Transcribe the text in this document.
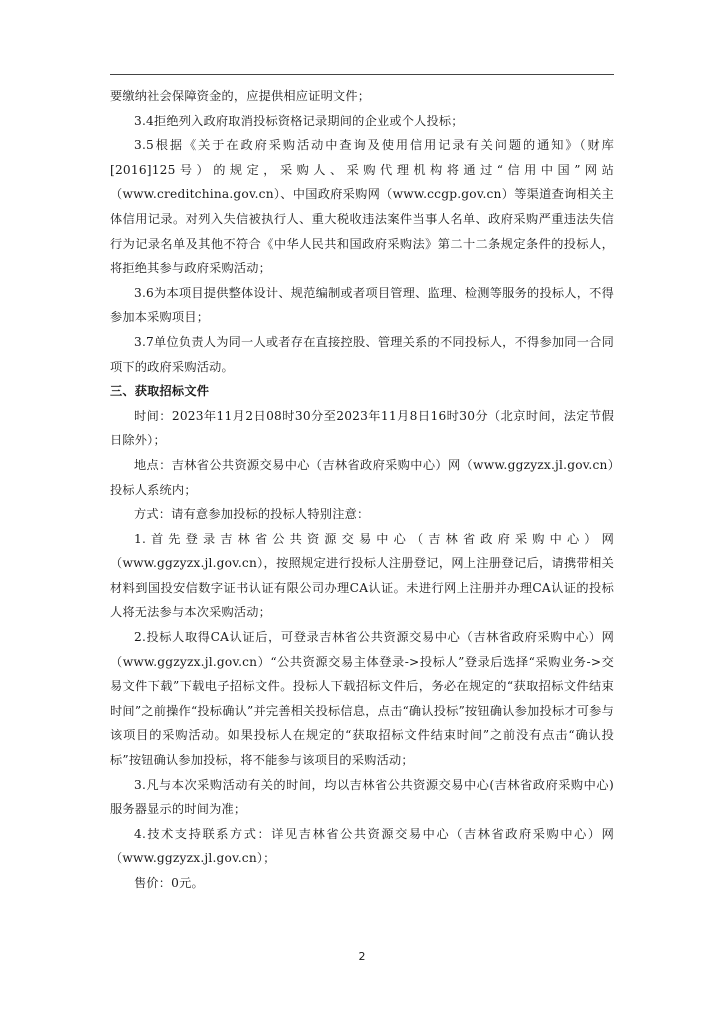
要缴纳社会保障资金的，应提供相应证明文件；

3.4拒绝列入政府取消投标资格记录期间的企业或个人投标；

3.5根据《关于在政府采购活动中查询及使用信用记录有关问题的通知》（财库[2016]125号）的规定，采购人、采购代理机构将通过“信用中国”网站（www.creditchina.gov.cn）、中国政府采购网（www.ccgp.gov.cn）等渠道查询相关主体信用记录。对列入失信被执行人、重大税收违法案件当事人名单、政府采购严重违法失信行为记录名单及其他不符合《中华人民共和国政府采购法》第二十二条规定条件的投标人，将拒绝其参与政府采购活动；

3.6为本项目提供整体设计、规范编制或者项目管理、监理、检测等服务的投标人，不得参加本采购项目；

3.7单位负责人为同一人或者存在直接控股、管理关系的不同投标人，不得参加同一合同项下的政府采购活动。

三、获取招标文件

时间：2023年11月2日08时30分至2023年11月8日16时30分（北京时间，法定节假日除外）；

地点：吉林省公共资源交易中心（吉林省政府采购中心）网（www.ggzyzx.jl.gov.cn）投标人系统内；

方式：请有意参加投标的投标人特别注意：

1.首先登录吉林省公共资源交易中心（吉林省政府采购中心）网（www.ggzyzx.jl.gov.cn），按照规定进行投标人注册登记，网上注册登记后，请携带相关材料到国投安信数字证书认证有限公司办理CA认证。未进行网上注册并办理CA认证的投标人将无法参与本次采购活动；

2.投标人取得CA认证后，可登录吉林省公共资源交易中心（吉林省政府采购中心）网（www.ggzyzx.jl.gov.cn）“公共资源交易主体登录->投标人”登录后选择“采购业务->交易文件下载”下载电子招标文件。投标人下载招标文件后，务必在规定的“获取招标文件结束时间”之前操作“投标确认”并完善相关投标信息，点击“确认投标”按钮确认参加投标才可参与该项目的采购活动。如果投标人在规定的“获取招标文件结束时间”之前没有点击“确认投标”按钮确认参加投标，将不能参与该项目的采购活动；

3.凡与本次采购活动有关的时间，均以吉林省公共资源交易中心(吉林省政府采购中心)服务器显示的时间为准；

4.技术支持联系方式：详见吉林省公共资源交易中心（吉林省政府采购中心）网（www.ggzyzx.jl.gov.cn）；

售价：0元。

2
